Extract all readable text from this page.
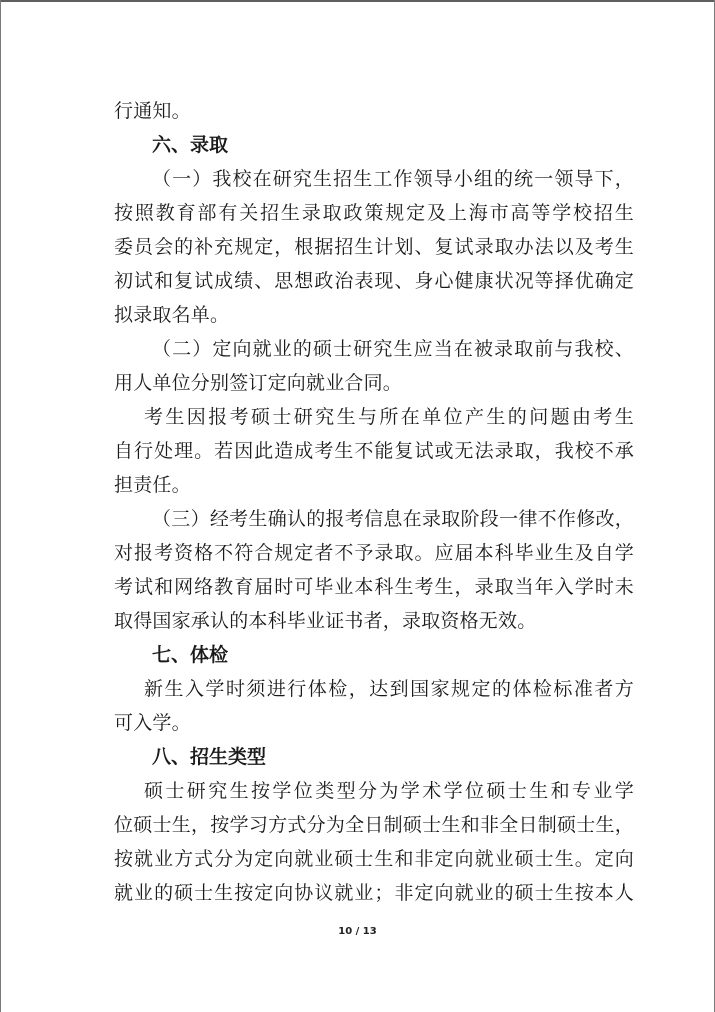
行通知。
六、录取
（一）我校在研究生招生工作领导小组的统一领导下，
按照教育部有关招生录取政策规定及上海市高等学校招生
委员会的补充规定，根据招生计划、复试录取办法以及考生
初试和复试成绩、思想政治表现、身心健康状况等择优确定
拟录取名单。
（二）定向就业的硕士研究生应当在被录取前与我校、
用人单位分别签订定向就业合同。
考生因报考硕士研究生与所在单位产生的问题由考生
自行处理。若因此造成考生不能复试或无法录取，我校不承
担责任。
（三）经考生确认的报考信息在录取阶段一律不作修改，
对报考资格不符合规定者不予录取。应届本科毕业生及自学
考试和网络教育届时可毕业本科生考生，录取当年入学时未
取得国家承认的本科毕业证书者，录取资格无效。
七、体检
新生入学时须进行体检，达到国家规定的体检标准者方
可入学。
八、招生类型
硕士研究生按学位类型分为学术学位硕士生和专业学
位硕士生，按学习方式分为全日制硕士生和非全日制硕士生，
按就业方式分为定向就业硕士生和非定向就业硕士生。定向
就业的硕士生按定向协议就业；非定向就业的硕士生按本人
10 / 13
